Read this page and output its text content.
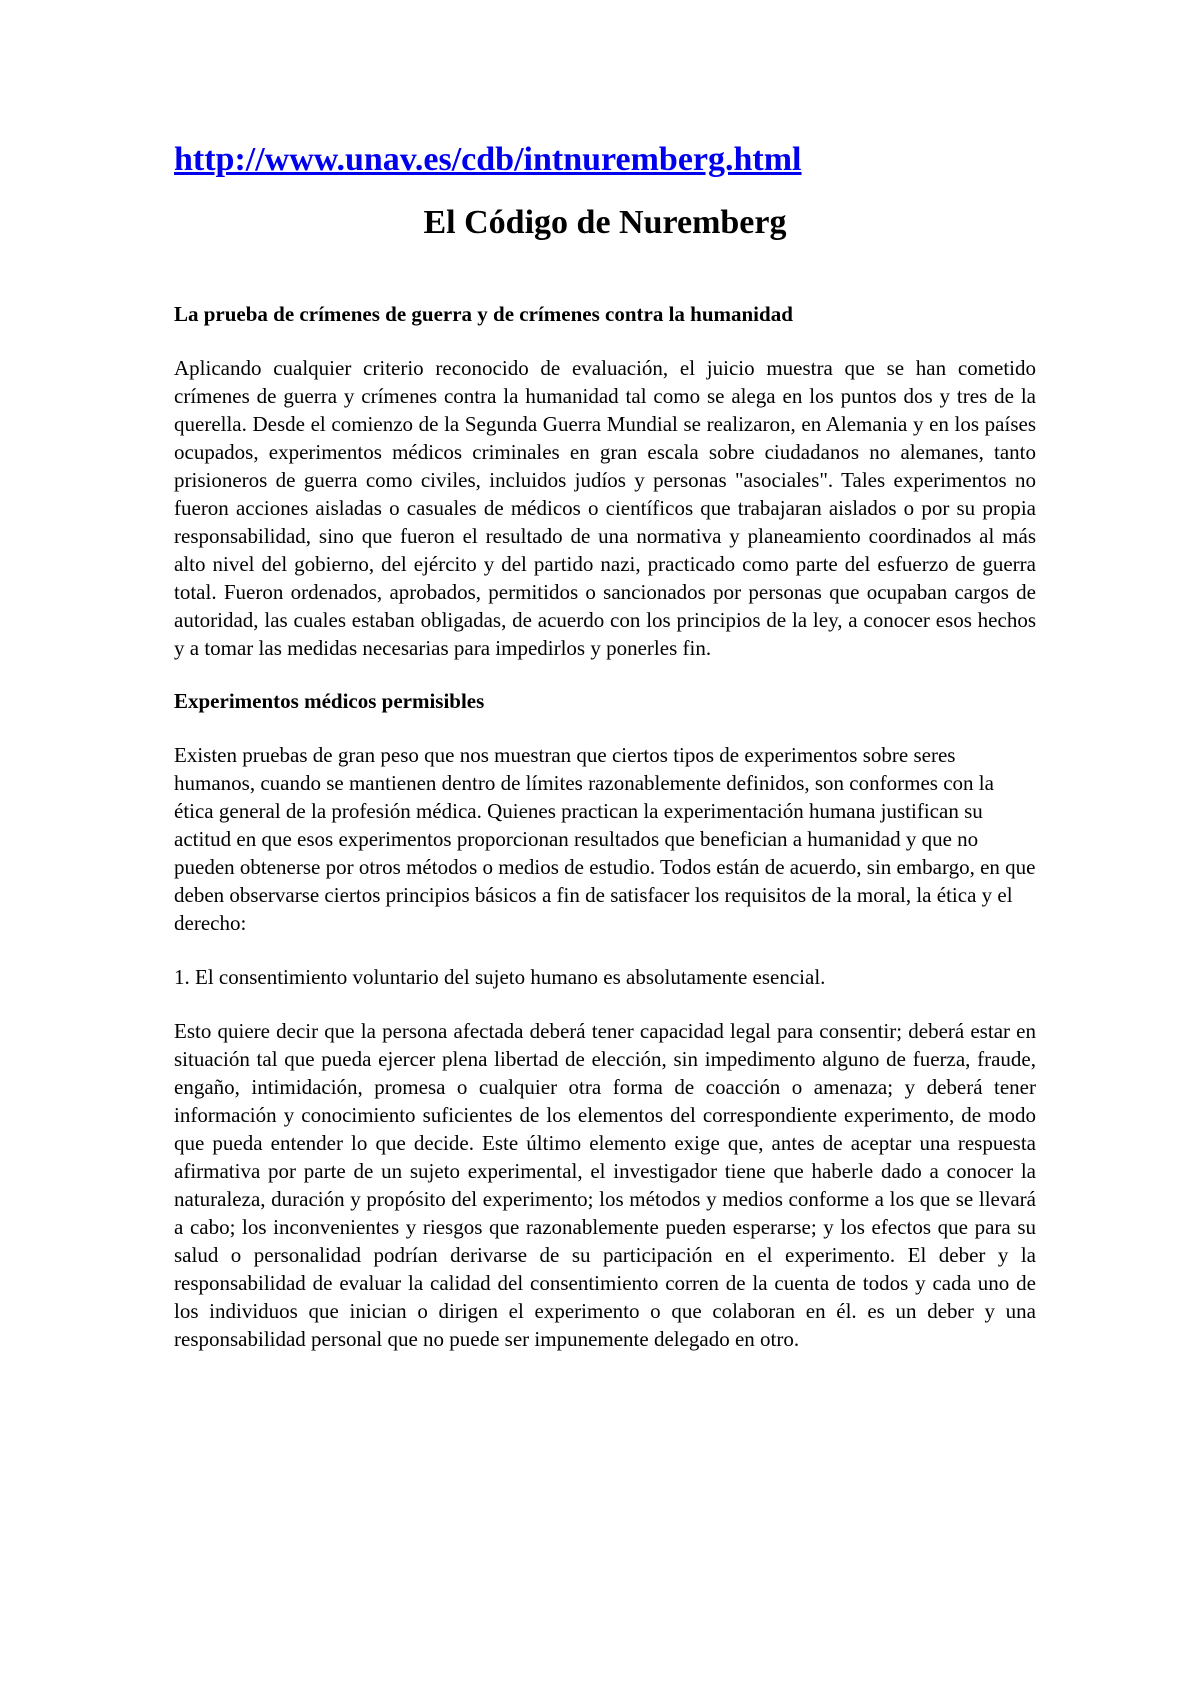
http://www.unav.es/cdb/intnuremberg.html
El Código de Nuremberg
La prueba de crímenes de guerra y de crímenes contra la humanidad

Aplicando cualquier criterio reconocido de evaluación, el juicio muestra que se han cometido crímenes de guerra y crímenes contra la humanidad tal como se alega en los puntos dos y tres de la querella. Desde el comienzo de la Segunda Guerra Mundial se realizaron, en Alemania y en los países ocupados, experimentos médicos criminales en gran escala sobre ciudadanos no alemanes, tanto prisioneros de guerra como civiles, incluidos judíos y personas "asociales". Tales experimentos no fueron acciones aisladas o casuales de médicos o científicos que trabajaran aislados o por su propia responsabilidad, sino que fueron el resultado de una normativa y planeamiento coordinados al más alto nivel del gobierno, del ejército y del partido nazi, practicado como parte del esfuerzo de guerra total. Fueron ordenados, aprobados, permitidos o sancionados por personas que ocupaban cargos de autoridad, las cuales estaban obligadas, de acuerdo con los principios de la ley, a conocer esos hechos y a tomar las medidas necesarias para impedirlos y ponerles fin.

Experimentos médicos permisibles

Existen pruebas de gran peso que nos muestran que ciertos tipos de experimentos sobre seres humanos, cuando se mantienen dentro de límites razonablemente definidos, son conformes con la ética general de la profesión médica. Quienes practican la experimentación humana justifican su actitud en que esos experimentos proporcionan resultados que benefician a humanidad y que no pueden obtenerse por otros métodos o medios de estudio. Todos están de acuerdo, sin embargo, en que deben observarse ciertos principios básicos a fin de satisfacer los requisitos de la moral, la ética y el derecho:

1. El consentimiento voluntario del sujeto humano es absolutamente esencial.

Esto quiere decir que la persona afectada deberá tener capacidad legal para consentir; deberá estar en situación tal que pueda ejercer plena libertad de elección, sin impedimento alguno de fuerza, fraude, engaño, intimidación, promesa o cualquier otra forma de coacción o amenaza; y deberá tener información y conocimiento suficientes de los elementos del correspondiente experimento, de modo que pueda entender lo que decide. Este último elemento exige que, antes de aceptar una respuesta afirmativa por parte de un sujeto experimental, el investigador tiene que haberle dado a conocer la naturaleza, duración y propósito del experimento; los métodos y medios conforme a los que se llevará a cabo; los inconvenientes y riesgos que razonablemente pueden esperarse; y los efectos que para su salud o personalidad podrían derivarse de su participación en el experimento. El deber y la responsabilidad de evaluar la calidad del consentimiento corren de la cuenta de todos y cada uno de los individuos que inician o dirigen el experimento o que colaboran en él. es un deber y una responsabilidad personal que no puede ser impunemente delegado en otro.
